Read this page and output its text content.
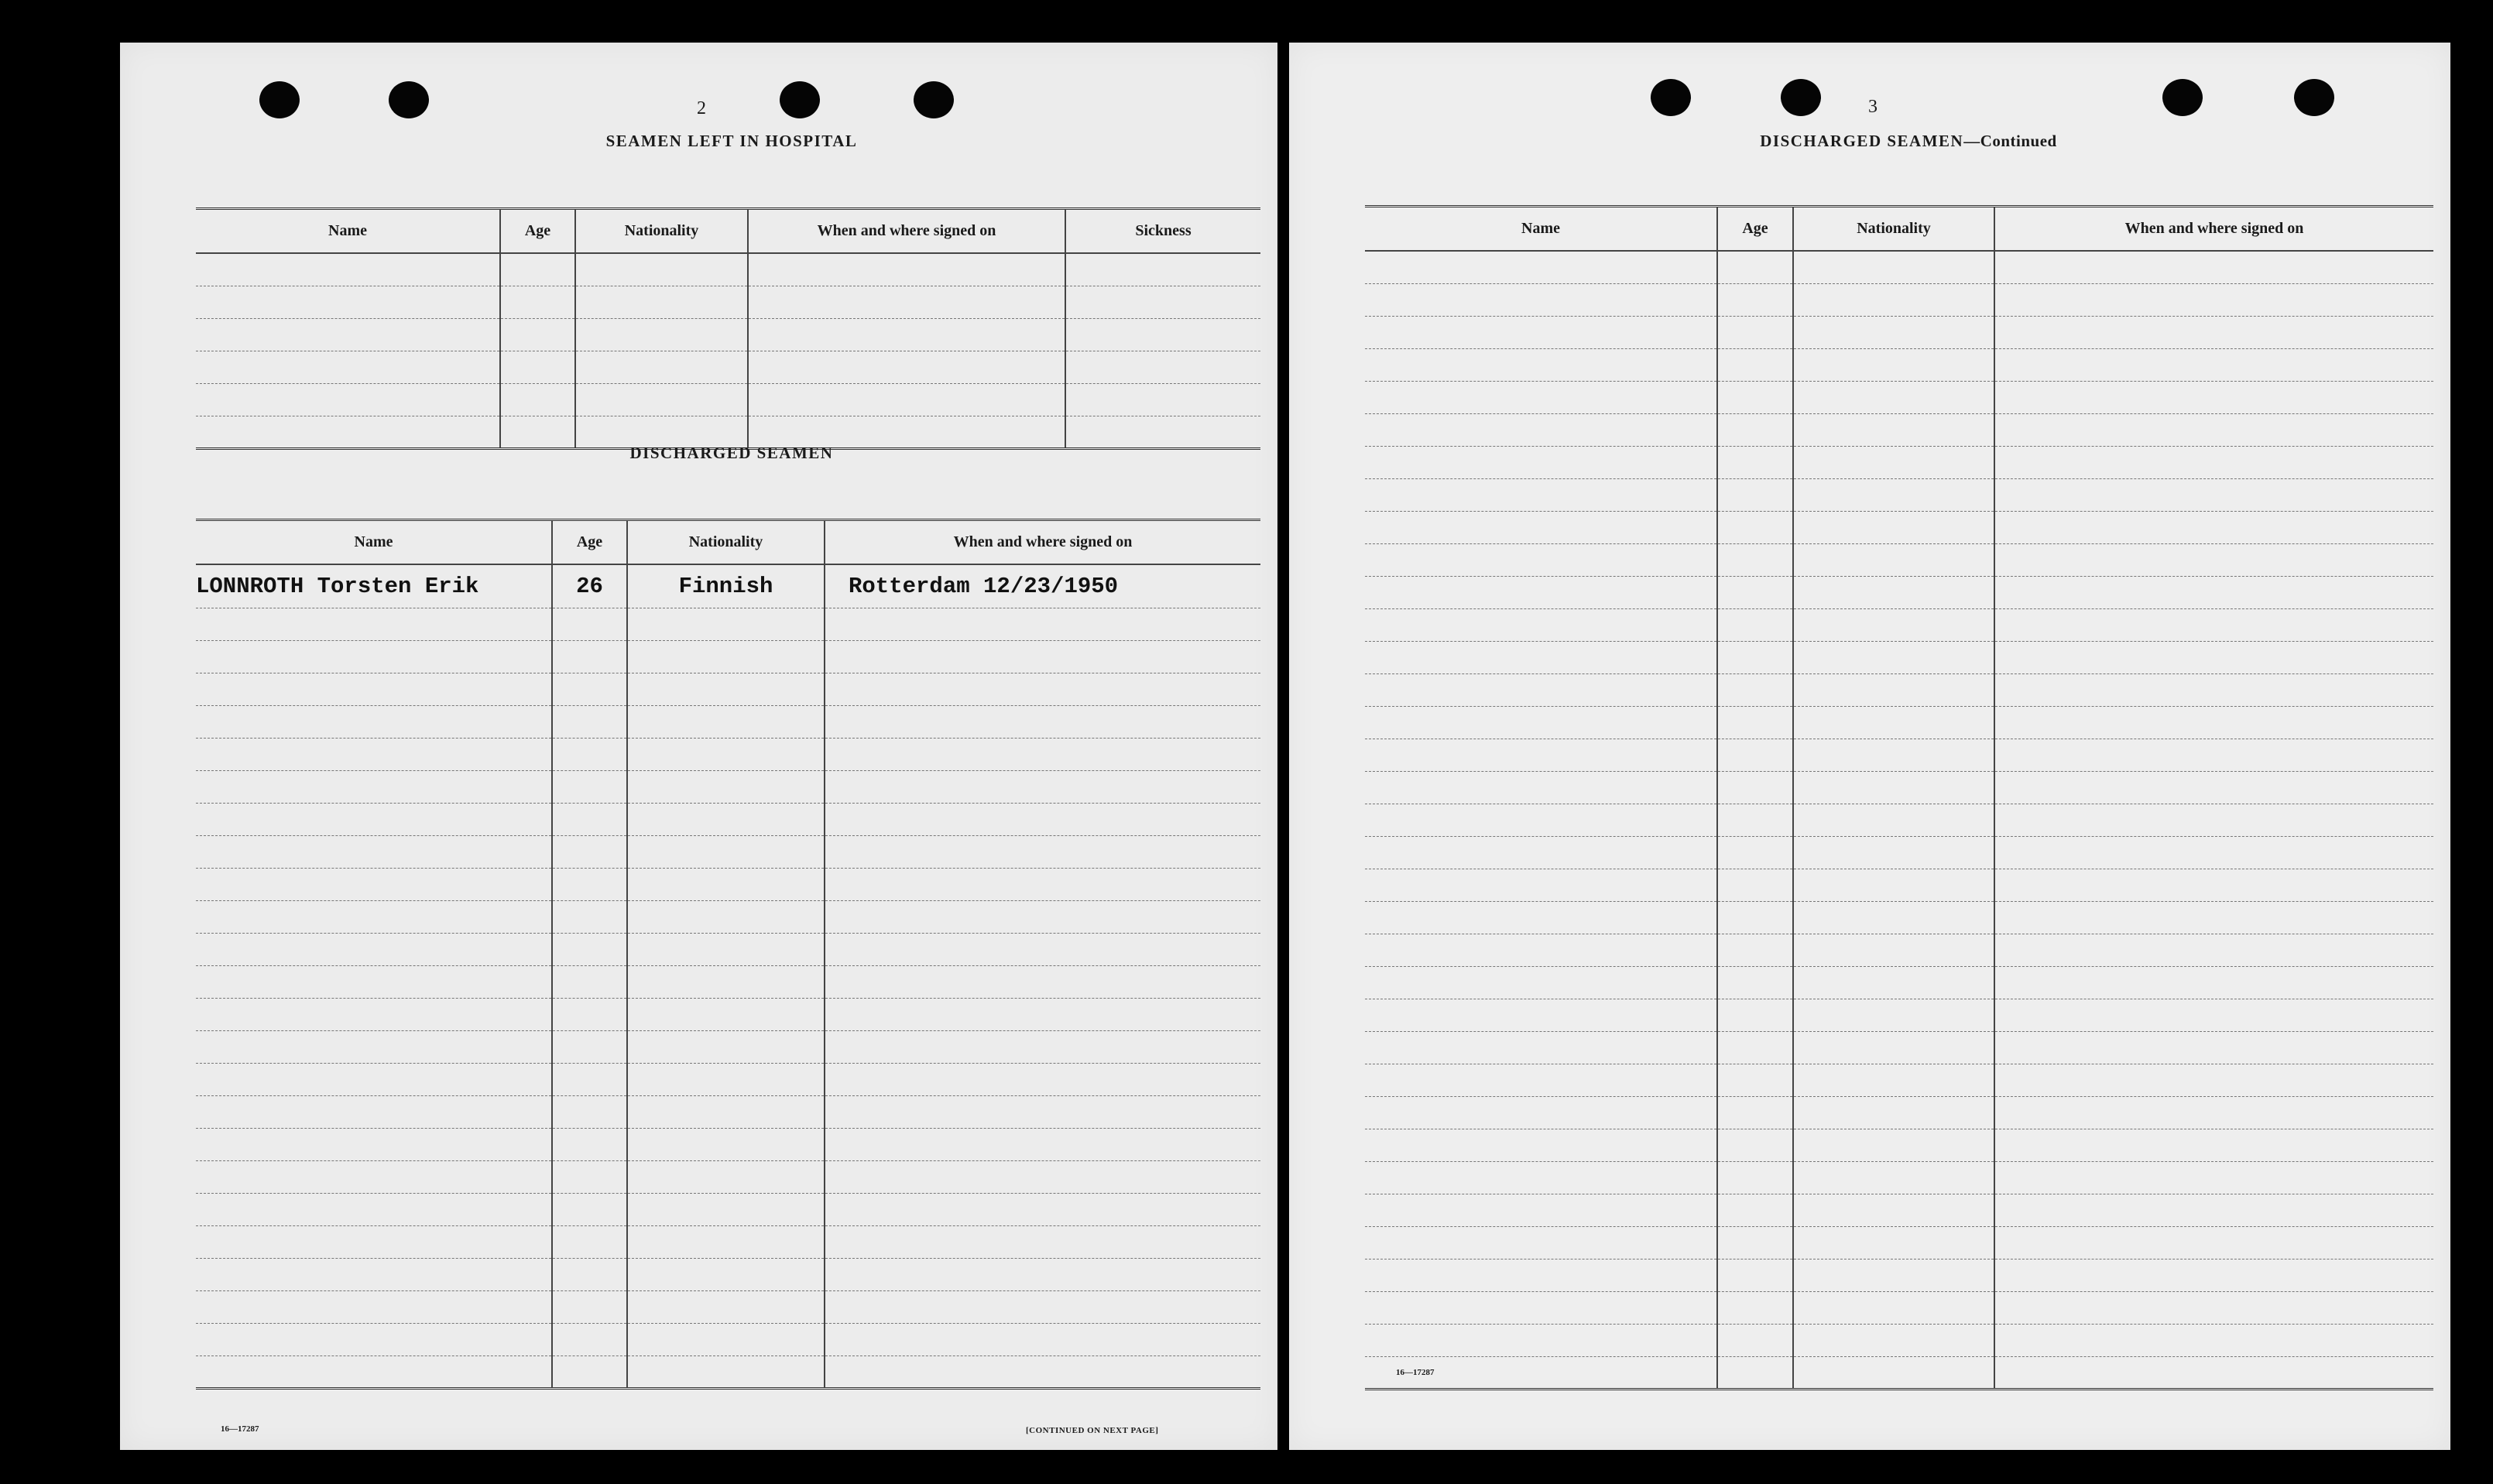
2
SEAMEN LEFT IN HOSPITAL
Name	Age	Nationality	When and where signed on	Sickness

DISCHARGED SEAMEN
Name	Age	Nationality	When and where signed on
LONNROTH Torsten Erik	26	Finnish	Rotterdam 12/23/1950

16—17287	[CONTINUED ON NEXT PAGE]
3
DISCHARGED SEAMEN—Continued
Name	Age	Nationality	When and where signed on

16—17287
